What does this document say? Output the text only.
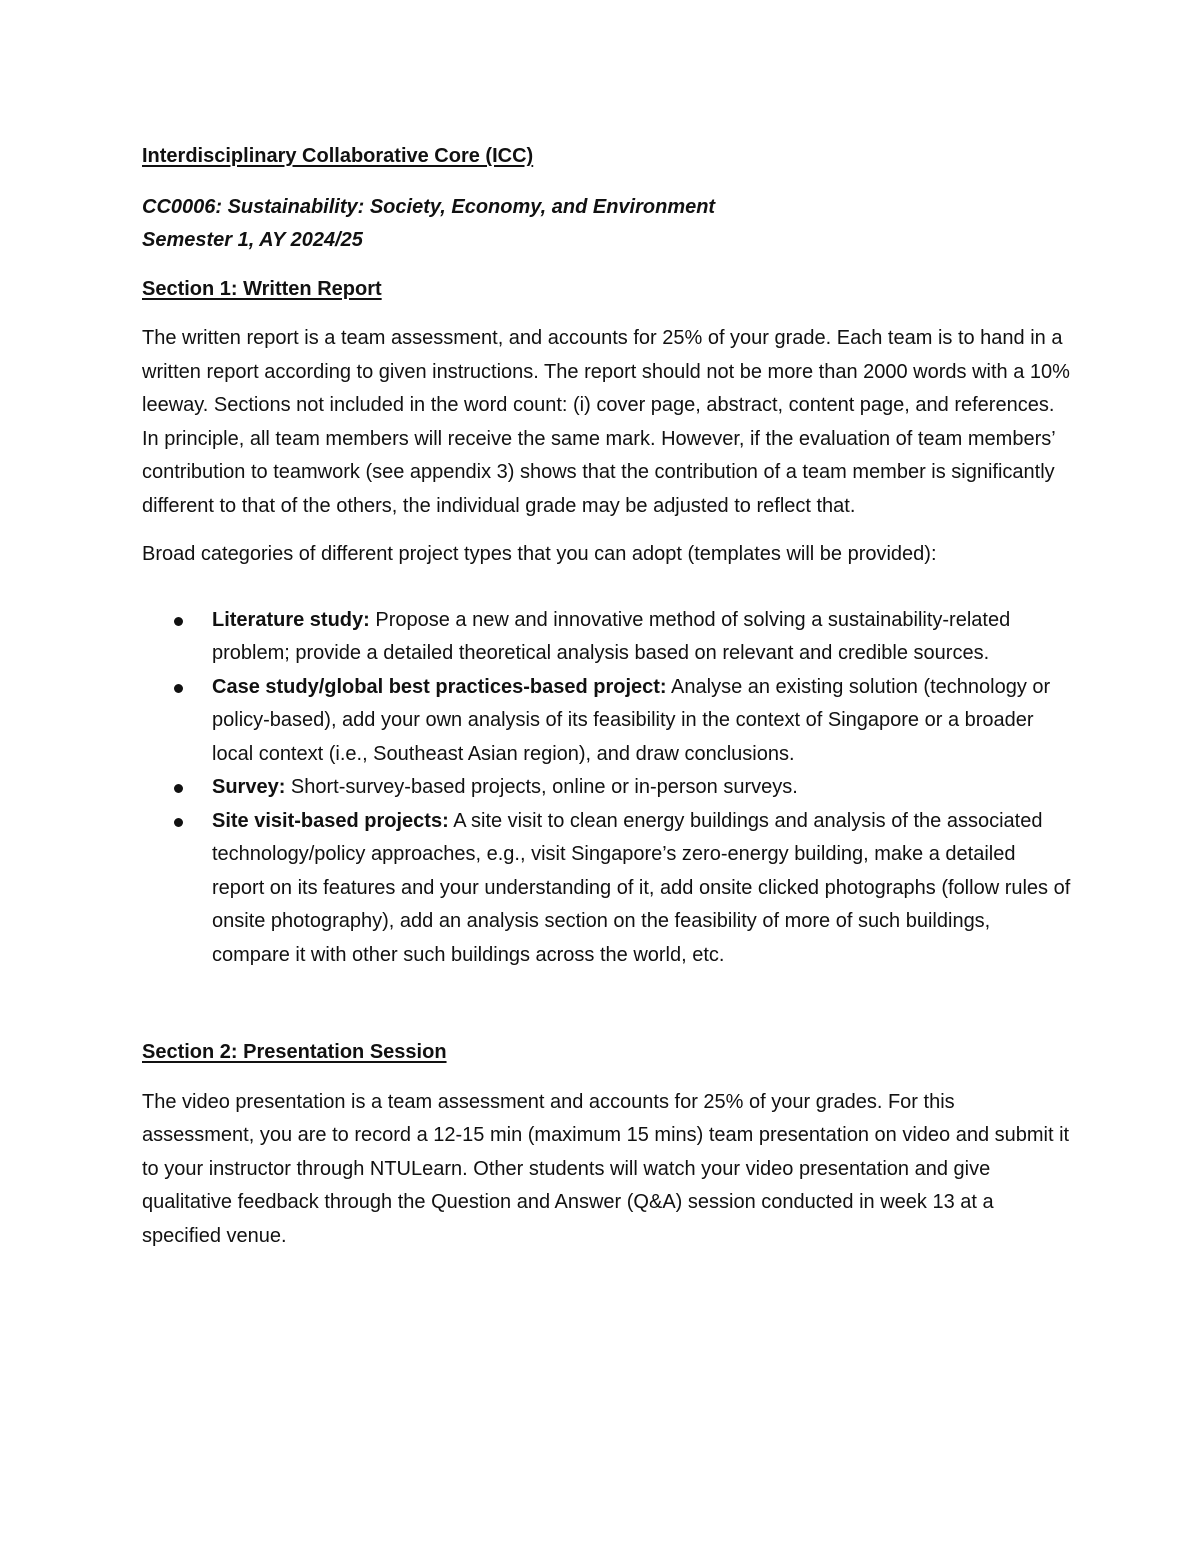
Interdisciplinary Collaborative Core (ICC)
CC0006: Sustainability: Society, Economy, and Environment
Semester 1, AY 2024/25
Section 1: Written Report

The written report is a team assessment, and accounts for 25% of your grade. Each team is to hand in a written report according to given instructions. The report should not be more than 2000 words with a 10% leeway. Sections not included in the word count: (i) cover page, abstract, content page, and references. In principle, all team members will receive the same mark. However, if the evaluation of team members’ contribution to teamwork (see appendix 3) shows that the contribution of a team member is significantly different to that of the others, the individual grade may be adjusted to reflect that.

Broad categories of different project types that you can adopt (templates will be provided):

Literature study: Propose a new and innovative method of solving a sustainability-related problem; provide a detailed theoretical analysis based on relevant and credible sources.
Case study/global best practices-based project: Analyse an existing solution (technology or policy-based), add your own analysis of its feasibility in the context of Singapore or a broader local context (i.e., Southeast Asian region), and draw conclusions.
Survey: Short-survey-based projects, online or in-person surveys.
Site visit-based projects: A site visit to clean energy buildings and analysis of the associated technology/policy approaches, e.g., visit Singapore’s zero-energy building, make a detailed report on its features and your understanding of it, add onsite clicked photographs (follow rules of onsite photography), add an analysis section on the feasibility of more of such buildings, compare it with other such buildings across the world, etc.
Section 2: Presentation Session

The video presentation is a team assessment and accounts for 25% of your grades. For this assessment, you are to record a 12-15 min (maximum 15 mins) team presentation on video and submit it to your instructor through NTULearn. Other students will watch your video presentation and give qualitative feedback through the Question and Answer (Q&A) session conducted in week 13 at a specified venue.
